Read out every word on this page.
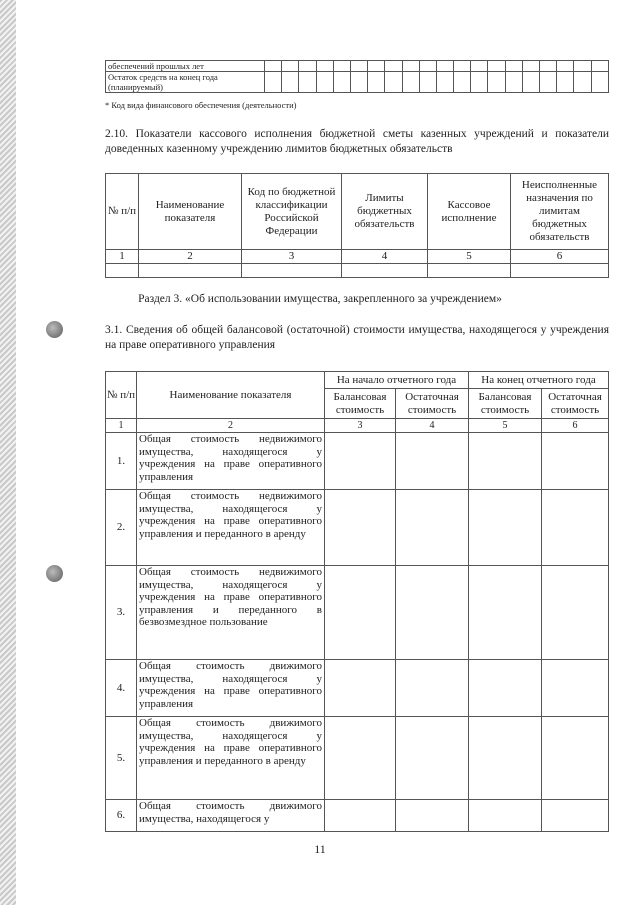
обеспечений прошлых лет																				
Остаток средств на конец года (планируемый)																				
* Код вида финансового обеспечения (деятельности)
2.10. Показатели кассового исполнения бюджетной сметы казенных учреждений и показатели доведенных казенному учреждению лимитов бюджетных обязательств
№ п/п	Наименование показателя	Код по бюджетной классификации Российской Федерации	Лимиты бюджетных обязательств	Кассовое исполнение	Неисполненные назначения по лимитам бюджетных обязательств
1	2	3	4	5	6

Раздел 3. «Об использовании имущества, закрепленного за учреждением»
3.1. Сведения об общей балансовой (остаточной) стоимости имущества, находящегося у учреждения на праве оперативного управления
№ п/п	Наименование показателя	На начало отчетного года		На конец отчетного года	
		Балансовая стоимость	Остаточная стоимость	Балансовая стоимость	Остаточная стоимость
1	2	3	4	5	6
1.	Общая стоимость недвижимого имущества, находящегося у учреждения на праве оперативного управления				
2.	Общая стоимость недвижимого имущества, находящегося у учреждения на праве оперативного управления и переданного в аренду				
3.	Общая стоимость недвижимого имущества, находящегося у учреждения на праве оперативного управления и переданного в безвозмездное пользование				
4.	Общая стоимость движимого имущества, находящегося у учреждения на праве оперативного управления				
5.	Общая стоимость движимого имущества, находящегося у учреждения на праве оперативного управления и переданного в аренду				
6.	Общая стоимость движимого имущества, находящегося у				
11
